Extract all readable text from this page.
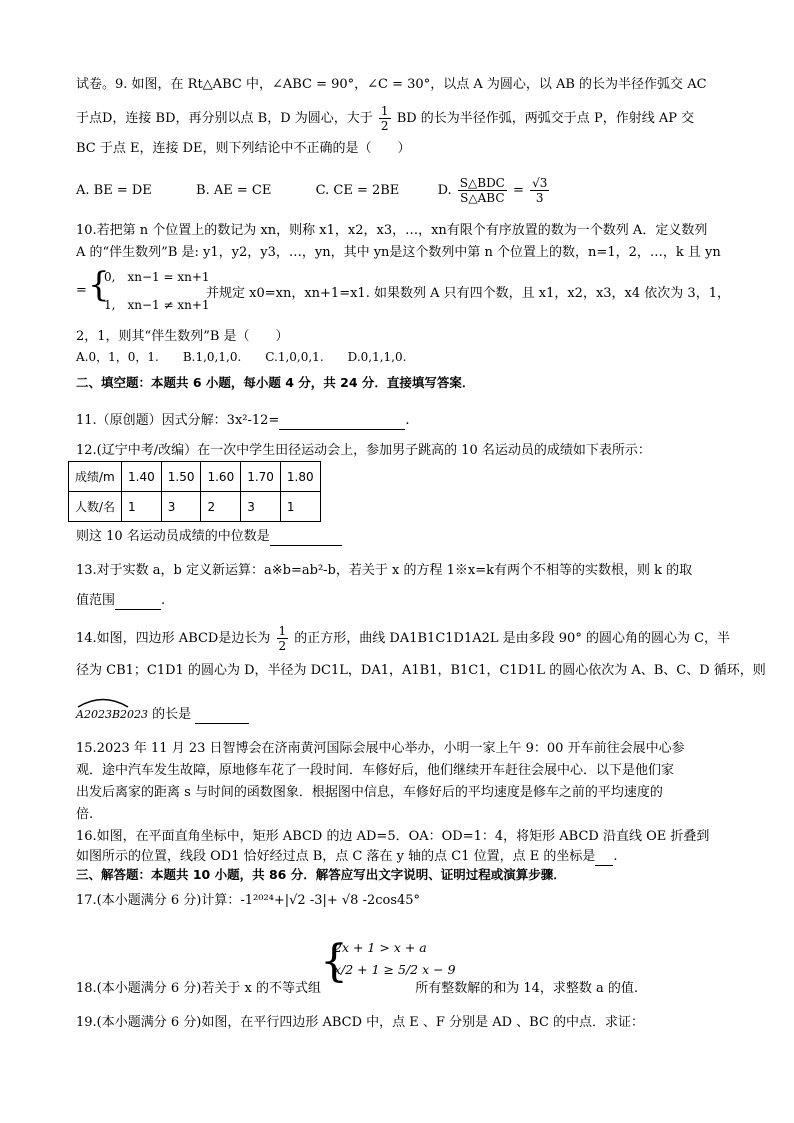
试卷。9. 如图，在 Rt△ABC 中，∠ABC = 90°，∠C = 30°，以点 A 为圆心，以 AB 的长为半径作弧交 AC
于点D，连接 BD，再分别以点 B，D 为圆心，大于 $\frac{1}{2}$ BD 的长为半径作弧，两弧交于点 P，作射线 AP 交
BC 于点 E，连接 DE，则下列结论中不正确的是（　　）
A. BE = DE	B. AE = CE	C. CE = 2BE	D. $\frac{\text{S△BDC}}{\text{S△ABC}} = \frac{√3}{3}$
10.若把第 n 个位置上的数记为 xn，则称 x1，x2，x3，…，xn有限个有序放置的数为一个数列 A．定义数列
A 的“伴生数列”B 是: y1，y2，y3，…，yn，其中 yn是这个数列中第 n 个位置上的数，n=1，2，…，k 且 yn
= {
0,　xn−1 = xn+1
1,　xn−1 ≠ xn+1
并规定 x0=xn，xn+1=x1. 如果数列 A 只有四个数，且 x1，x2，x3，x4 依次为 3，1，
2，1，则其“伴生数列”B 是（　　）
A.0，1，0，1.　　B.1,0,1,0.　　C.1,0,0,1.　　D.0,1,1,0.
二、填空题：本题共 6 小题，每小题 4 分，共 24 分．直接填写答案．
11.（原创题）因式分解：3x²-12=	.
12.(辽宁中考/改编）在一次中学生田径运动会上，参加男子跳高的 10 名运动员的成绩如下表所示：
成绩/m	1.40	1.50	1.60	1.70	1.80
人数/名	1	3	2	3	1
则这 10 名运动员成绩的中位数是
13.对于实数 a，b 定义新运算：a※b=ab²-b，若关于 x 的方程 1※x=k有两个不相等的实数根，则 k 的取
值范围	.
14.如图，四边形 ABCD是边长为 $\frac{1}{2}$ 的正方形，曲线 DA1B1C1D1A2L 是由多段 90° 的圆心角的圆心为 C，半
径为 CB1；C1D1 的圆心为 D，半径为 DC1L，DA1，A1B1，B1C1，C1D1L 的圆心依次为 A、B、C、D 循环，则
A2023B2023 的长是
15.2023 年 11 月 23 日智博会在济南黄河国际会展中心举办，小明一家上午 9：00 开车前往会展中心参
观．途中汽车发生故障，原地修车花了一段时间．车修好后，他们继续开车赶往会展中心．以下是他们家
出发后离家的距离 s 与时间的函数图象．根据图中信息，车修好后的平均速度是修车之前的平均速度的
倍.
16.如图，在平面直角坐标中，矩形 ABCD 的边 AD=5．OA：OD=1：4，将矩形 ABCD 沿直线 OE 折叠到
如图所示的位置，线段 OD1 恰好经过点 B，点 C 落在 y 轴的点 C1 位置，点 E 的坐标是 .
三、解答题：本题共 10 小题，共 86 分．解答应写出文字说明、证明过程或演算步骤．
17.(本小题满分 6 分)计算：-1²⁰²⁴+|√2 -3|+ √8 -2cos45°
{
2x + 1 > x + a
x/2 + 1 ≥ 5/2 x − 9
18.(本小题满分 6 分)若关于 x 的不等式组	所有整数解的和为 14，求整数 a 的值.
19.(本小题满分 6 分)如图，在平行四边形 ABCD 中，点 E 、F 分别是 AD 、BC 的中点．求证：
